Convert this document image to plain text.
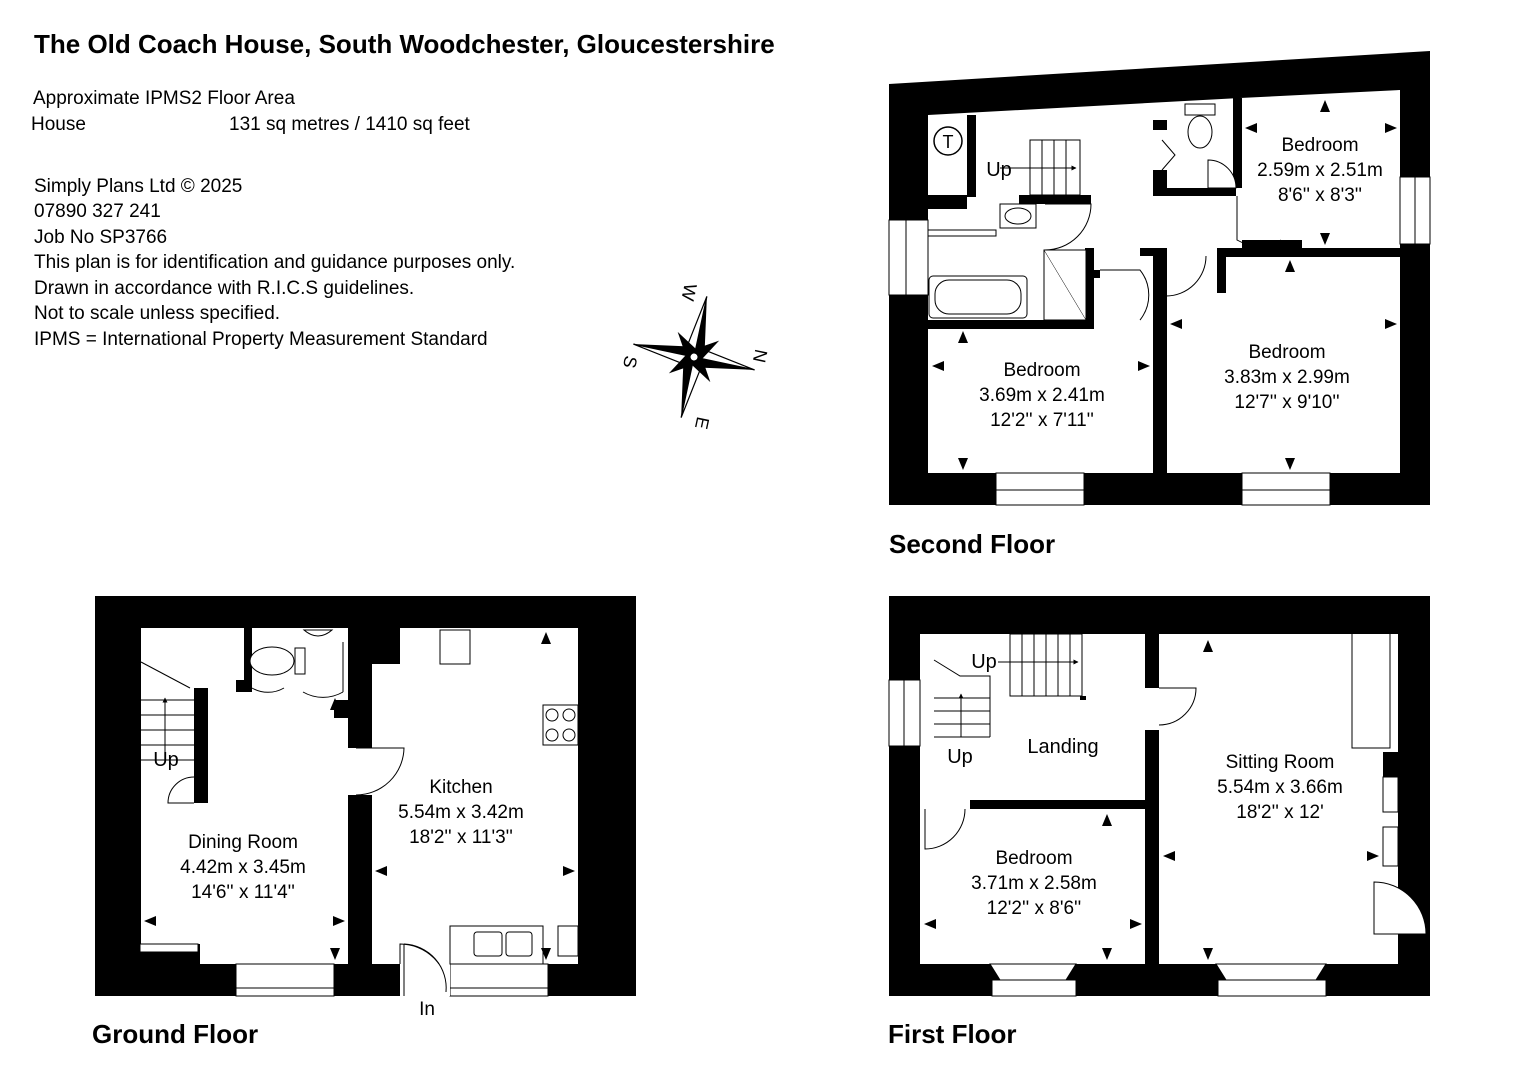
The Old Coach House, South Woodchester, Gloucestershire
Approximate IPMS2 Floor Area
House	131 sq metres / 1410 sq feet
Simply Plans Ltd © 2025
07890 327 241
Job No SP3766
This plan is for identification and guidance purposes only.
Drawn in accordance with R.I.C.S guidelines.
Not to scale unless specified.
IPMS = International Property Measurement Standard
Second Floor
Ground Floor	First Floor
W
N
S
E
T
Up
Bedroom
2.59m x 2.51m
8'6'' x 8'3''
Bedroom
3.69m x 2.41m
12'2'' x 7'11''
Bedroom
3.83m x 2.99m
12'7'' x 9'10''
Up
Dining Room
4.42m x 3.45m
14'6'' x 11'4''
Kitchen
5.54m x 3.42m
18'2'' x 11'3''
In
Up
Up	Landing
Bedroom
3.71m x 2.58m
12'2'' x 8'6''
Sitting Room
5.54m x 3.66m
18'2'' x 12'
